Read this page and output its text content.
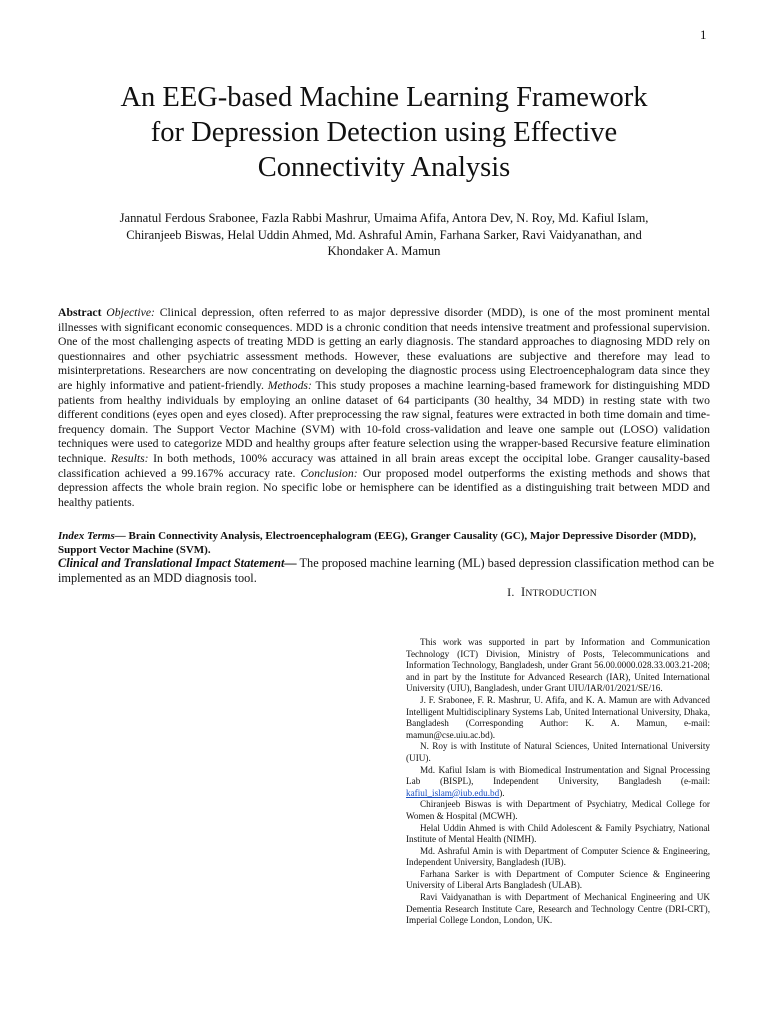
1
An EEG-based Machine Learning Framework
for Depression Detection using Effective
Connectivity Analysis
Jannatul Ferdous Srabonee, Fazla Rabbi Mashrur, Umaima Afifa, Antora Dev, N. Roy, Md. Kafiul Islam, Chiranjeeb Biswas, Helal Uddin Ahmed, Md. Ashraful Amin, Farhana Sarker, Ravi Vaidyanathan, and Khondaker A. Mamun

Abstract Objective: Clinical depression, often referred to as major depressive disorder (MDD), is one of the most prominent mental illnesses with significant economic consequences. MDD is a chronic condition that needs intensive treatment and professional supervision. One of the most challenging aspects of treating MDD is getting an early diagnosis. The standard approaches to diagnosing MDD rely on questionnaires and other psychiatric assessment methods. However, these evaluations are subjective and therefore may lead to misinterpretations. Researchers are now concentrating on developing the diagnostic process using Electroencephalogram data since they are highly informative and patient-friendly. Methods: This study proposes a machine learning-based framework for distinguishing MDD patients from healthy individuals by employing an online dataset of 64 participants (30 healthy, 34 MDD) in resting state with two different conditions (eyes open and eyes closed). After preprocessing the raw signal, features were extracted in both time domain and time-frequency domain. The Support Vector Machine (SVM) with 10-fold cross-validation and leave one sample out (LOSO) validation techniques were used to categorize MDD and healthy groups after feature selection using the wrapper-based Recursive feature elimination technique. Results: In both methods, 100% accuracy was attained in all brain areas except the occipital lobe. Granger causality-based classification achieved a 99.167% accuracy rate. Conclusion: Our proposed model outperforms the existing methods and shows that depression affects the whole brain region. No specific lobe or hemisphere can be identified as a distinguishing trait between MDD and healthy patients.

Index Terms— Brain Connectivity Analysis, Electroencephalogram (EEG), Granger Causality (GC), Major Depressive Disorder (MDD), Support Vector Machine (SVM).

Clinical and Translational Impact Statement— The proposed machine learning (ML) based depression classification method can be implemented as an MDD diagnosis tool.

I. INTRODUCTION

This work was supported in part by Information and Communication Technology (ICT) Division, Ministry of Posts, Telecommunications and Information Technology, Bangladesh, under Grant 56.00.0000.028.33.003.21-208; and in part by the Institute for Advanced Research (IAR), United International University (UIU), Bangladesh, under Grant UIU/IAR/01/2021/SE/16.

J. F. Srabonee, F. R. Mashrur, U. Afifa, and K. A. Mamun are with Advanced Intelligent Multidisciplinary Systems Lab, United International University, Dhaka, Bangladesh (Corresponding Author: K. A. Mamun, e-mail: mamun@cse.uiu.ac.bd).

N. Roy is with Institute of Natural Sciences, United International University (UIU).

Md. Kafiul Islam is with Biomedical Instrumentation and Signal Processing Lab (BISPL), Independent University, Bangladesh (e-mail: kafiul_islam@iub.edu.bd).

Chiranjeeb Biswas is with Department of Psychiatry, Medical College for Women & Hospital (MCWH).

Helal Uddin Ahmed is with Child Adolescent & Family Psychiatry, National Institute of Mental Health (NIMH).

Md. Ashraful Amin is with Department of Computer Science & Engineering, Independent University, Bangladesh (IUB).

Farhana Sarker is with Department of Computer Science & Engineering University of Liberal Arts Bangladesh (ULAB).

Ravi Vaidyanathan is with Department of Mechanical Engineering and UK Dementia Research Institute Care, Research and Technology Centre (DRI-CRT), Imperial College London, London, UK.
